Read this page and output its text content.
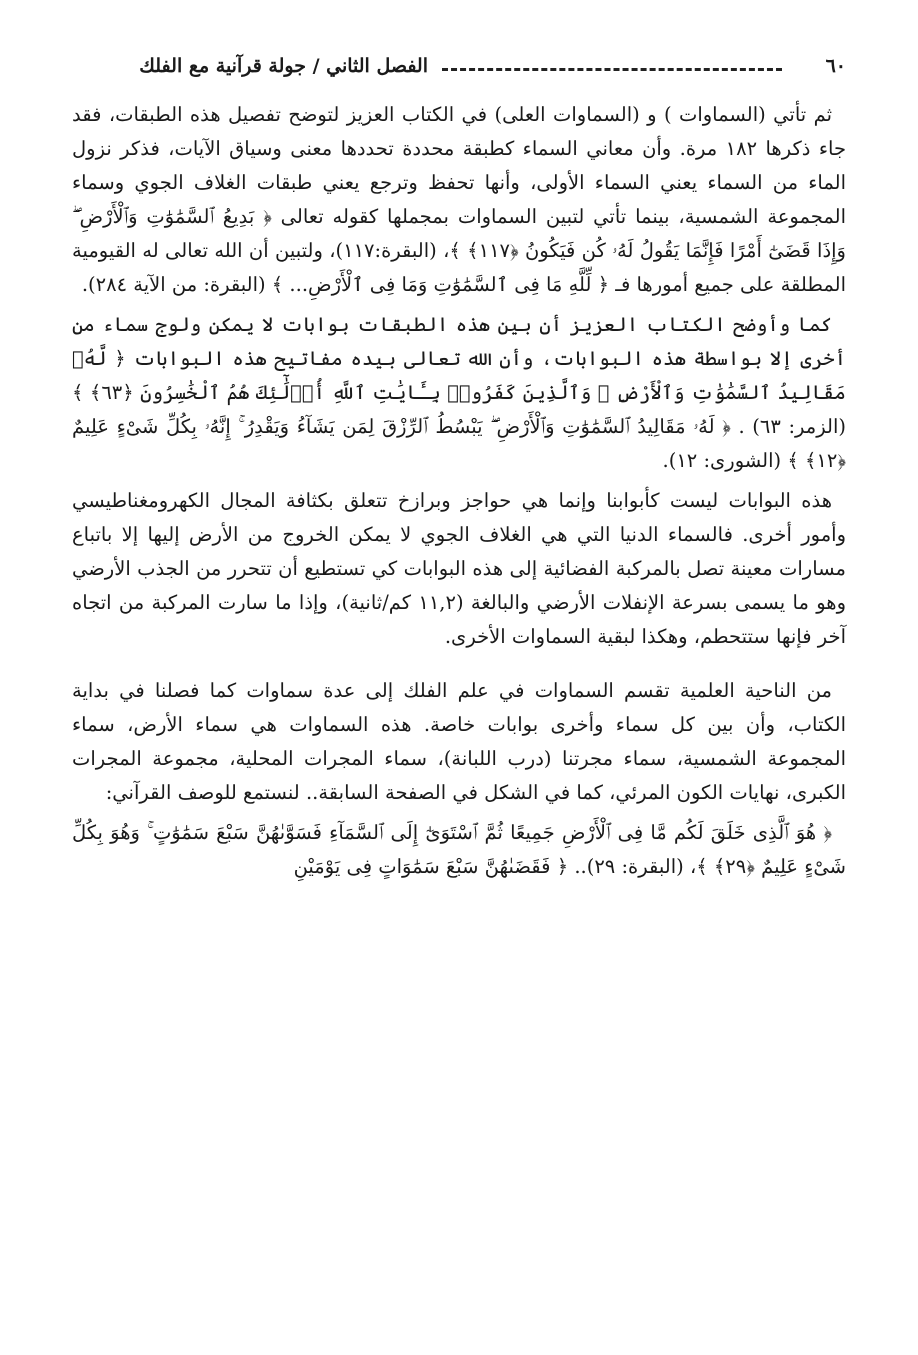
٦٠
الفصل الثاني / جولة قرآنية مع الفلك

ثم تأتي (السماوات ) و (السماوات العلى) في الكتاب العزيز لتوضح تفصيل هذه الطبقات، فقد جاء ذكرها ١٨٢ مرة. وأن معاني السماء كطبقة محددة تحددها معنى وسياق الآيات، فذكر نزول الماء من السماء يعني السماء الأولى، وأنها تحفظ وترجع يعني طبقات الغلاف الجوي وسماء المجموعة الشمسية، بينما تأتي لتبين السماوات بمجملها كقوله تعالى ﴿ بَدِيعُ ٱلسَّمَٰوَٰتِ وَٱلْأَرْضِ ۖ وَإِذَا قَضَىٰٓ أَمْرًا فَإِنَّمَا يَقُولُ لَهُۥ كُن فَيَكُونُ ﴿١١٧﴾ ﴾، (البقرة:١١٧)، ولتبين أن الله تعالى له القيومية المطلقة على جميع أمورها فـ ﴿ لِّلَّهِ مَا فِى ٱلسَّمَٰوَٰتِ وَمَا فِى ٱلْأَرْضِ... ﴾ (البقرة: من الآية ٢٨٤).

كما وأوضح الكتاب العزيز أن بين هذه الطبقات بوابات لا يمكن ولوج سماء من أخرى إلا بواسطة هذه البوابات، وأن الله تعالى بيده مفاتيح هذه البوابات ﴿ لَّهُۥ مَقَالِيدُ ٱلسَّمَٰوَٰتِ وَٱلْأَرْضِ ۗ وَٱلَّذِينَ كَفَرُوا۟ بِـَٔايَٰتِ ٱللَّهِ أُو۟لَٰٓئِكَ هُمُ ٱلْخَٰسِرُونَ ﴿٦٣﴾ ﴾ (الزمر: ٦٣) . ﴿ لَهُۥ مَقَالِيدُ ٱلسَّمَٰوَٰتِ وَٱلْأَرْضِ ۖ يَبْسُطُ ٱلرِّزْقَ لِمَن يَشَآءُ وَيَقْدِرُ ۚ إِنَّهُۥ بِكُلِّ شَىْءٍ عَلِيمٌ ﴿١٢﴾ ﴾ (الشورى: ١٢).

هذه البوابات ليست كأبوابنا وإنما هي حواجز وبرازخ تتعلق بكثافة المجال الكهرومغناطيسي وأمور أخرى. فالسماء الدنيا التي هي الغلاف الجوي لا يمكن الخروج من الأرض إليها إلا باتباع مسارات معينة تصل بالمركبة الفضائية إلى هذه البوابات كي تستطيع أن تتحرر من الجذب الأرضي وهو ما يسمى بسرعة الإنفلات الأرضي والبالغة (١١,٢ كم/ثانية)، وإذا ما سارت المركبة من اتجاه آخر فإنها ستتحطم، وهكذا لبقية السماوات الأخرى.

من الناحية العلمية تقسم السماوات في علم الفلك إلى عدة سماوات كما فصلنا في بداية الكتاب، وأن بين كل سماء وأخرى بوابات خاصة. هذه السماوات هي سماء الأرض، سماء المجموعة الشمسية، سماء مجرتنا (درب اللبانة)، سماء المجرات المحلية، مجموعة المجرات الكبرى، نهايات الكون المرئي، كما في الشكل في الصفحة السابقة.. لنستمع للوصف القرآني:

﴿ هُوَ ٱلَّذِى خَلَقَ لَكُم مَّا فِى ٱلْأَرْضِ جَمِيعًا ثُمَّ ٱسْتَوَىٰٓ إِلَى ٱلسَّمَآءِ فَسَوَّىٰهُنَّ سَبْعَ سَمَٰوَٰتٍ ۚ وَهُوَ بِكُلِّ شَىْءٍ عَلِيمٌ ﴿٢٩﴾ ﴾، (البقرة: ٢٩).. ﴿ فَقَضَىٰهُنَّ سَبْعَ سَمَٰوَاتٍ فِى يَوْمَيْنِ
